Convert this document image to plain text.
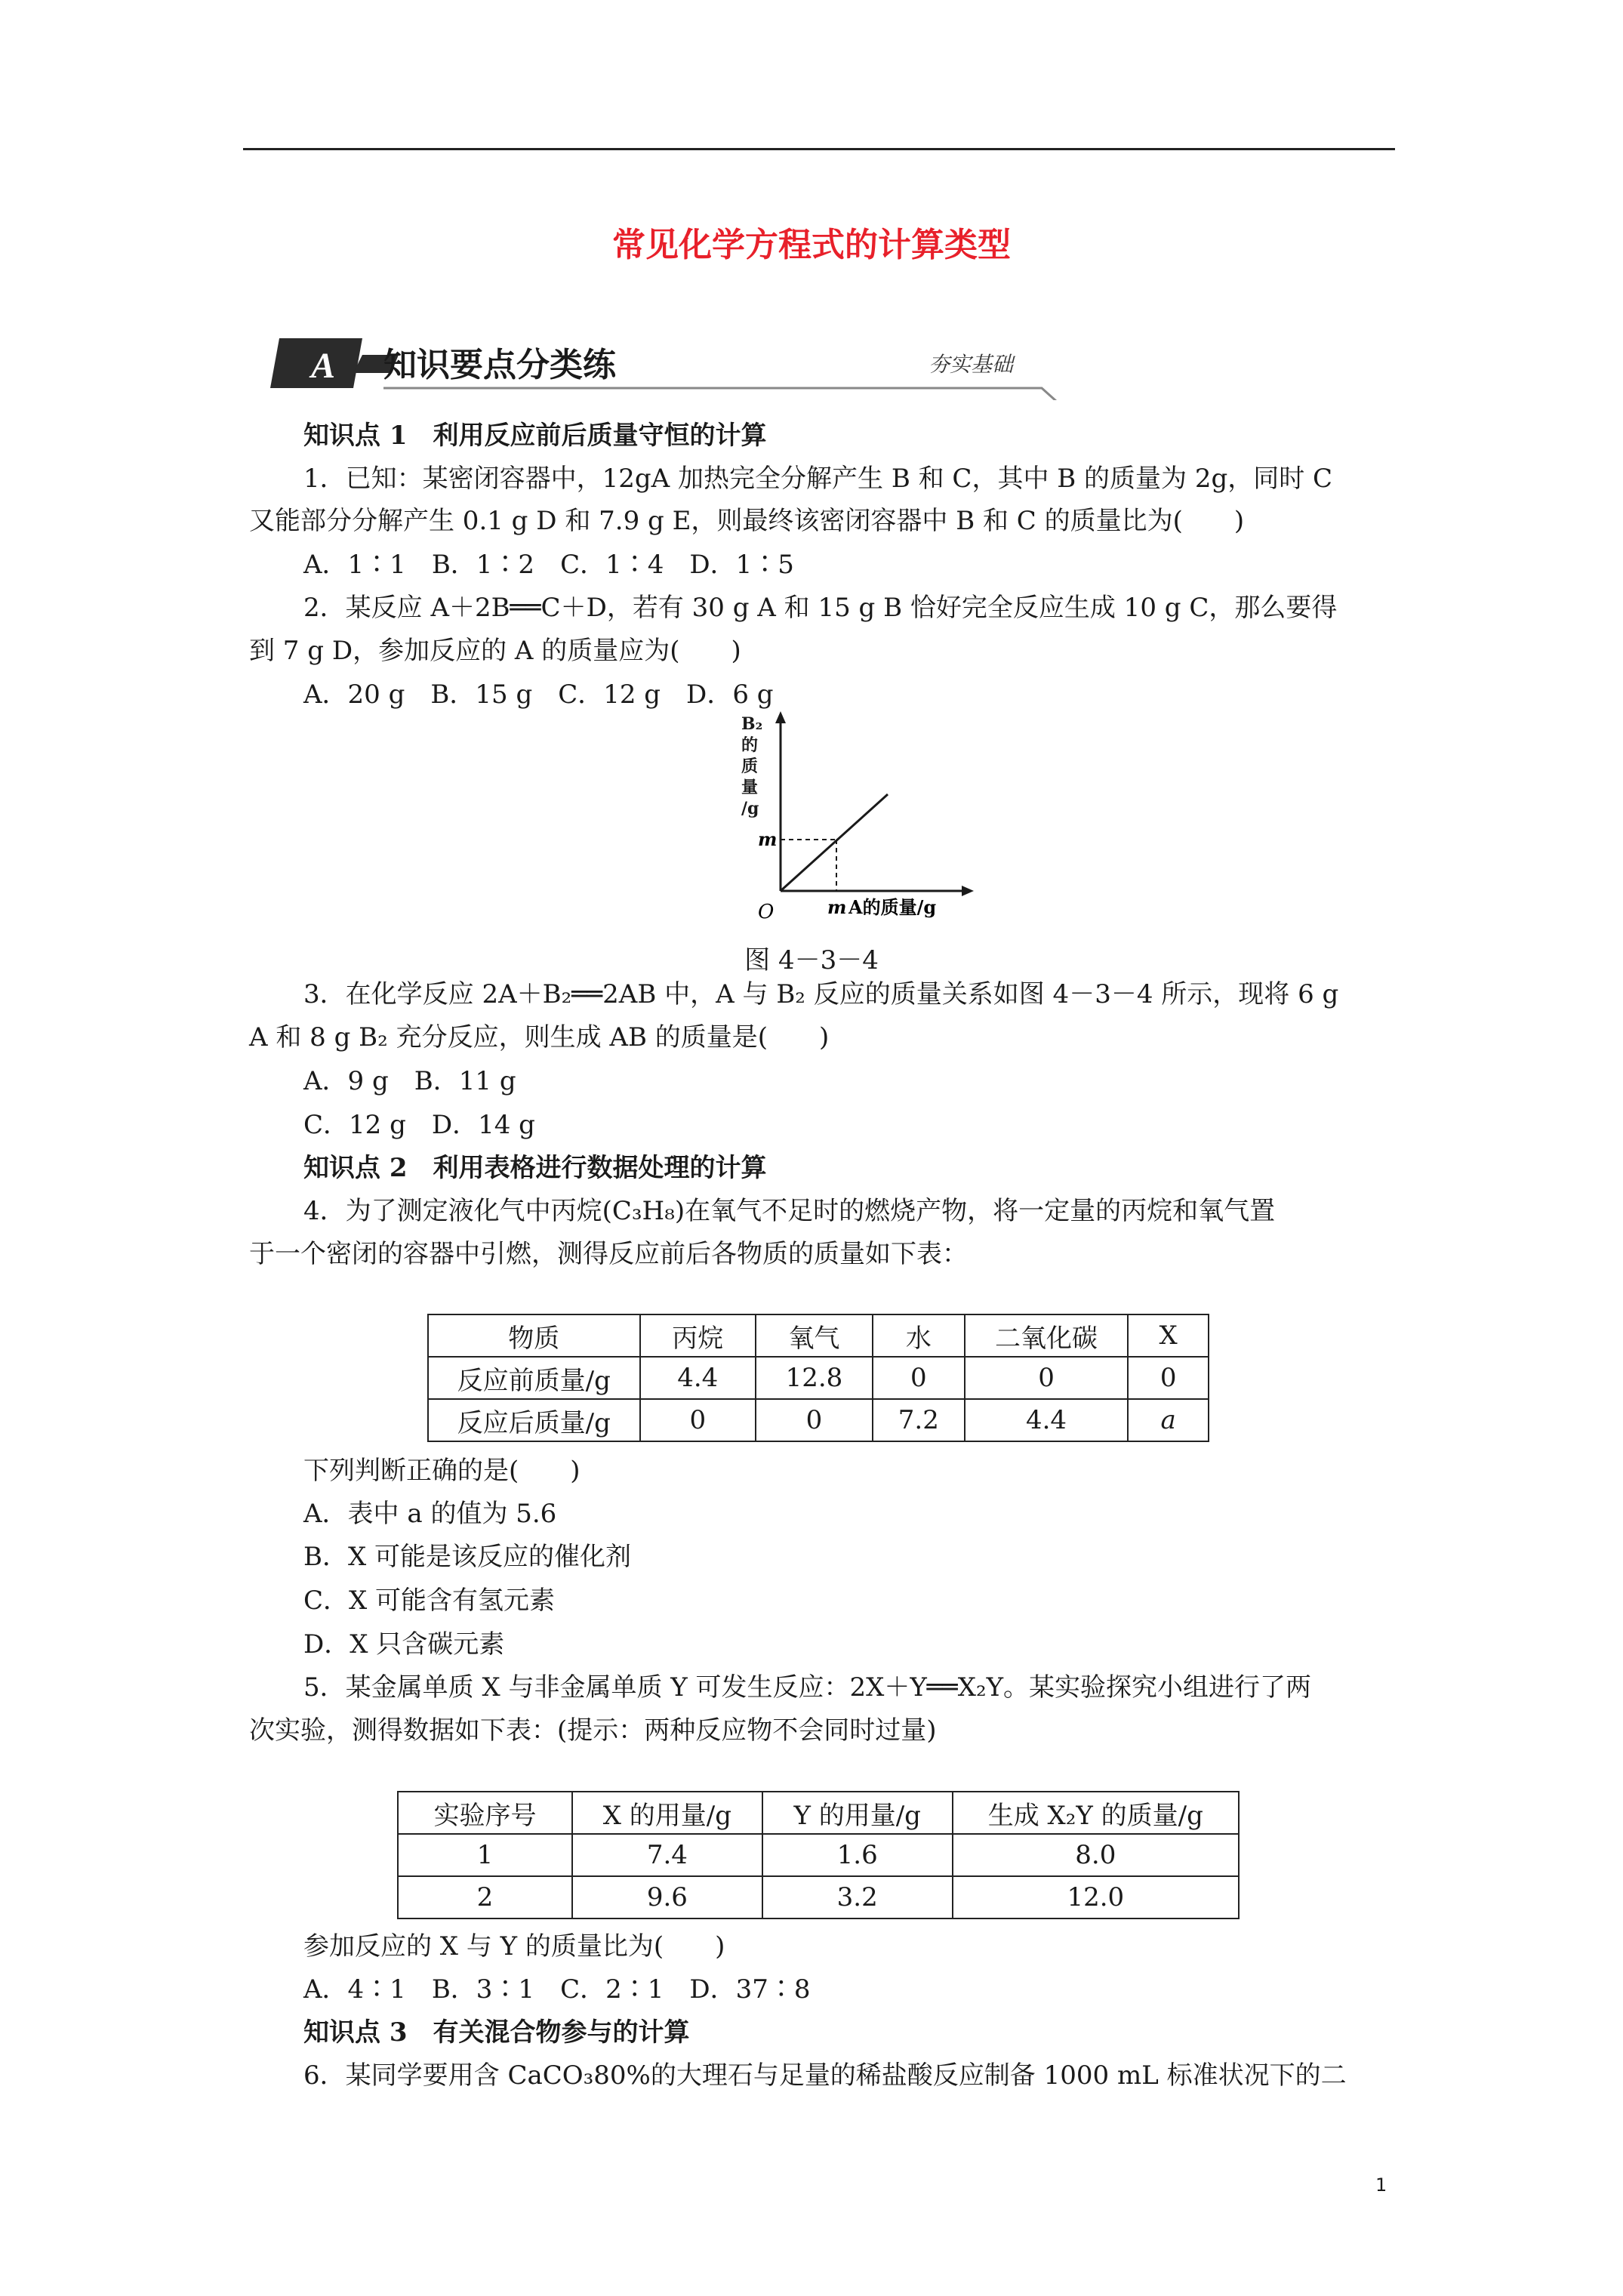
常见化学方程式的计算类型
A 知识要点分类练	夯实基础
知识点 1　利用反应前后质量守恒的计算
1．已知：某密闭容器中，12gA 加热完全分解产生 B 和 C，其中 B 的质量为 2g，同时 C
又能部分分解产生 0.1 g D 和 7.9 g E，则最终该密闭容器中 B 和 C 的质量比为(　　)
A．1∶1　B．1∶2　C．1∶4　D．1∶5
2．某反应 A＋2B══C＋D，若有 30 g A 和 15 g B 恰好完全反应生成 10 g C，那么要得
到 7 g D，参加反应的 A 的质量应为(　　)
A．20 g　B．15 g　C．12 g　D．6 g
B₂
的
质
量
/g
m
O	m A的质量/g
图 4－3－4
3．在化学反应 2A＋B₂══2AB 中，A 与 B₂ 反应的质量关系如图 4－3－4 所示，现将 6 g
A 和 8 g B₂ 充分反应，则生成 AB 的质量是(　　)
A．9 g　B．11 g
C．12 g　D．14 g
知识点 2　利用表格进行数据处理的计算
4．为了测定液化气中丙烷(C₃H₈)在氧气不足时的燃烧产物，将一定量的丙烷和氧气置
于一个密闭的容器中引燃，测得反应前后各物质的质量如下表：
物质	丙烷	氧气	水	二氧化碳	X
反应前质量/g	4.4	12.8	0	0	0
反应后质量/g	0	0	7.2	4.4	a
下列判断正确的是(　　)
A．表中 a 的值为 5.6
B．X 可能是该反应的催化剂
C．X 可能含有氢元素
D．X 只含碳元素
5．某金属单质 X 与非金属单质 Y 可发生反应：2X＋Y══X₂Y。某实验探究小组进行了两
次实验，测得数据如下表：(提示：两种反应物不会同时过量)
实验序号	X 的用量/g	Y 的用量/g	生成 X₂Y 的质量/g
1	7.4	1.6	8.0
2	9.6	3.2	12.0
参加反应的 X 与 Y 的质量比为(　　)
A．4∶1　B．3∶1　C．2∶1　D．37∶8
知识点 3　有关混合物参与的计算
6．某同学要用含 CaCO₃80%的大理石与足量的稀盐酸反应制备 1000 mL 标准状况下的二
1
